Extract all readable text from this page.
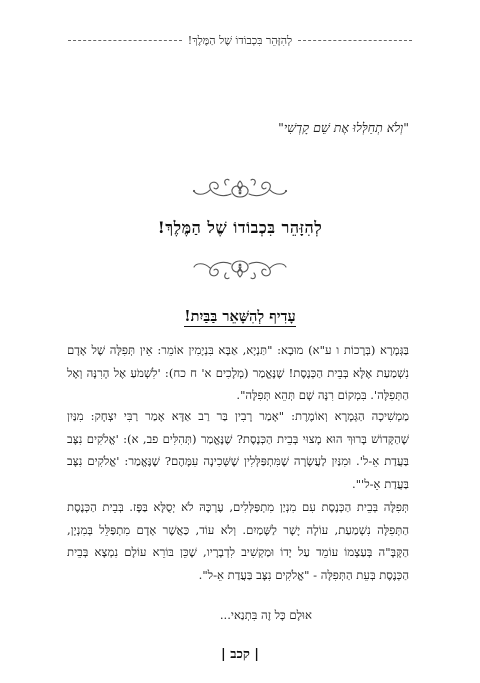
לְהִזָּהֵר בִּכְבוֹדוֹ שֶׁל הַמֶּלֶךְ!
"וְלֹא תְחַלְּלוּ אֶת שֵׁם קָדְשִׁי"
לְהִזָּהֵר בִּכְבוֹדוֹ שֶׁל הַמֶּלֶךְ!
עָדִיף לְהִשָּׁאֵר בַּבַּיִת!

בַּגְּמָרָא (בְּרָכוֹת ו ע"א) מוּבָא: "תַּנְיָא, אַבָּא בִּנְיָמִין אוֹמֵר: אֵין תְּפִלָּה שֶׁל אָדָם נִשְׁמַעַת אֶלָּא בְּבֵית הַכְּנֶסֶת! שֶׁנֶּאֱמַר (מְלָכִים א' ח כח): 'לִשְׁמֹעַ אֶל הָרִנָּה וְאֶל הַתְּפִלָּה'. בִּמְקוֹם רִנָּה שָׁם תְּהֵא תְּפִלָּה".

מַמְשִׁיכָה הַגְּמָרָא וְאוֹמֶרֶת: "אָמַר רָבִין בַּר רַב אַדָּא אָמַר רַבִּי יִצְחָק: מִנַּיִן שֶׁהַקָּדוֹשׁ בָּרוּךְ הוּא מָצוּי בְּבֵית הַכְּנֶסֶת? שֶׁנֶּאֱמַר (תְּהִלִּים פב, א): 'אֱלֹקִים נִצָּב בַּעֲדַת אֵ-ל'. וּמִנַּיִן לַעֲשָׂרָה שֶׁמִּתְפַּלְּלִין שֶׁשְּׁכִינָה עִמָּהֶם? שֶׁנֶּאֱמַר: 'אֱלֹקִים נִצָּב בַּעֲדַת אֵ-ל'".

תְּפִלָּה בְּבֵית הַכְּנֶסֶת עִם מִנְיַן מִתְפַּלְּלִים, עֶרְכָּהּ לֹא יְסֻלָּא בַּפָּז. בְּבֵית הַכְּנֶסֶת הַתְּפִלָּה נִשְׁמַעַת, עוֹלָה יָשָׁר לַשָּׁמַיִם. וְלֹא עוֹד, כַּאֲשֶׁר אָדָם מִתְפַּלֵּל בְּמִנְיָן, הַקָּבָּ"ה בְּעַצְמוֹ עוֹמֵד עַל יָדוֹ וּמַקְשִׁיב לִדְבָרָיו, שֶׁכֵּן בּוֹרֵא עוֹלָם נִמְצָא בְּבֵית הַכְּנֶסֶת בְּעֵת הַתְּפִלָּה - "אֱלֹקִים נִצָּב בַּעֲדַת אֵ-ל".

אוּלָם כָּל זֶה בִּתְנַאי...
| קכב |
